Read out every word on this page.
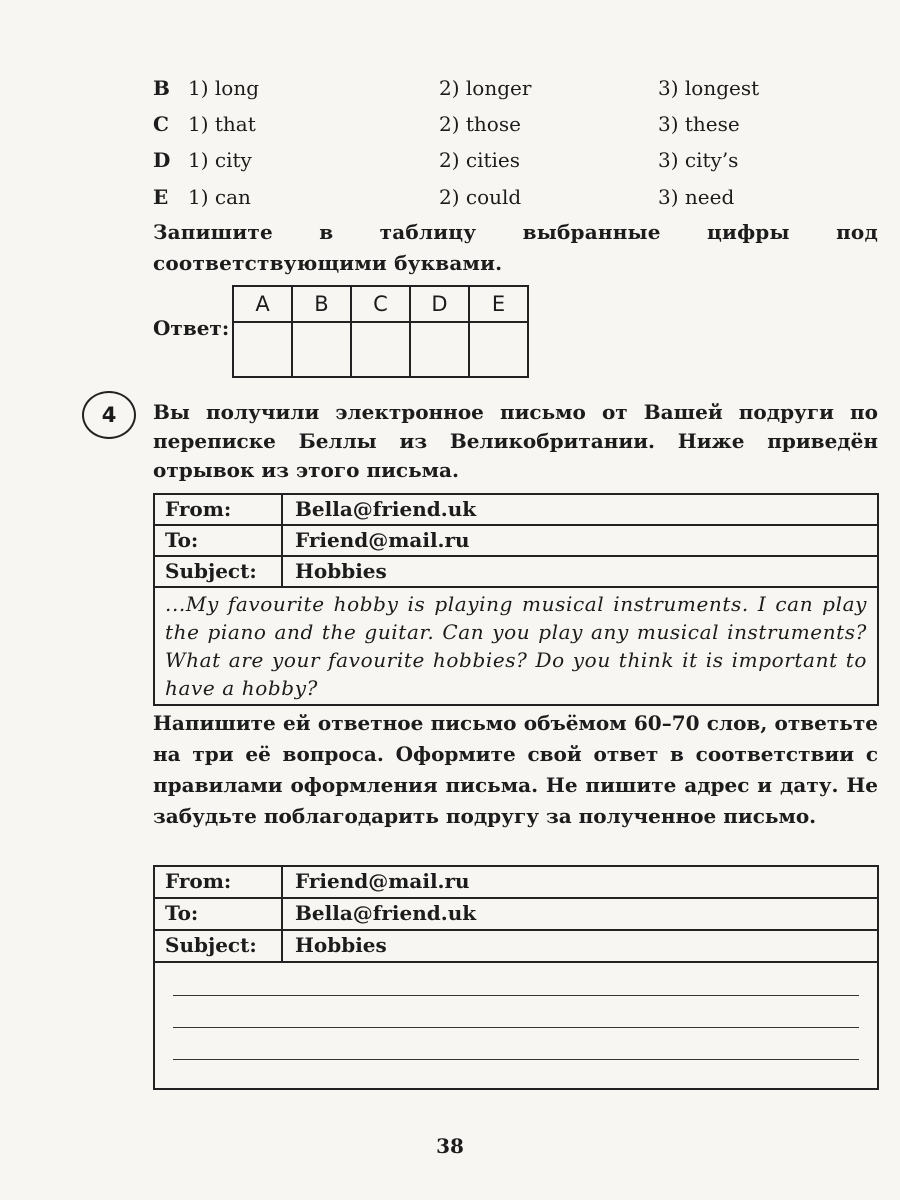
B 1) long	2) longer	3) longest
C 1) that	2) those	3) these
D 1) city	2) cities	3) city’s
E 1) can	2) could	3) need
Запишите в таблицу выбранные цифры под соответствующими буквами.
Ответ:
A	B	C	D	E

4	Вы получили электронное письмо от Вашей подруги по переписке Беллы из Великобритании. Ниже приведён отрывок из этого письма.
From:	Bella@friend.uk
To:	Friend@mail.ru
Subject:	Hobbies
...My favourite hobby is playing musical instruments. I can play the piano and the guitar. Can you play any musical instruments? What are your favourite hobbies? Do you think it is important to have a hobby?
Напишите ей ответное письмо объёмом 60–70 слов, ответьте на три её вопроса. Оформите свой ответ в соответствии с правилами оформления письма. Не пишите адрес и дату. Не забудьте поблагодарить подругу за полученное письмо.
From:	Friend@mail.ru
To:	Bella@friend.uk
Subject:	Hobbies
38
